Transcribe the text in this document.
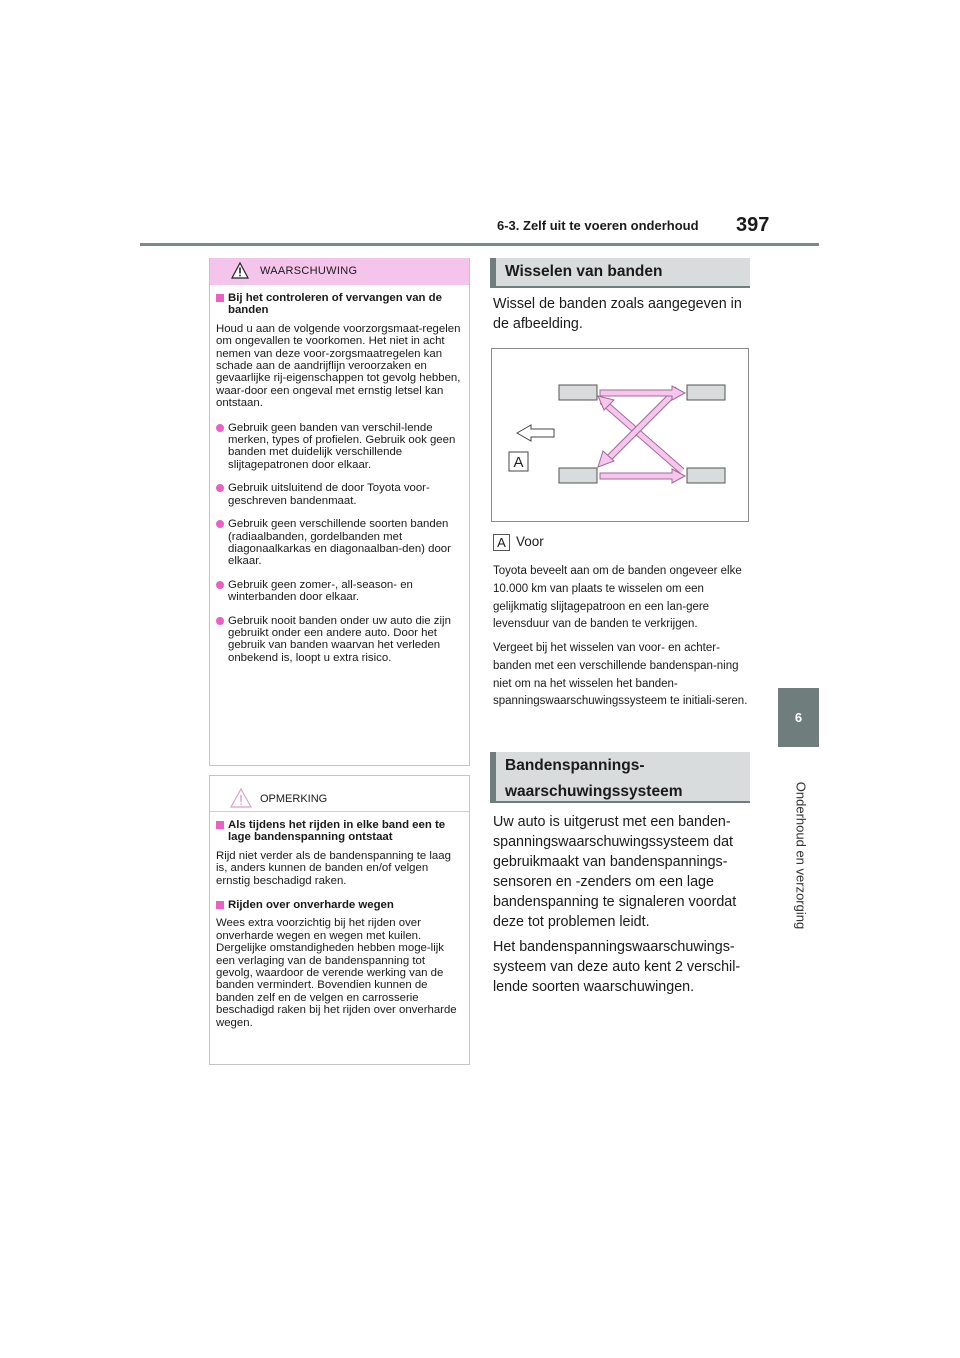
6-3. Zelf uit te voeren onderhoud 397
6
Onderhoud en verzorging
WAARSCHUWING
Bij het controleren of vervangen van de banden
Houd u aan de volgende voorzorgsmaat-regelen om ongevallen te voorkomen. Het niet in acht nemen van deze voor-zorgsmaatregelen kan schade aan de aandrijflijn veroorzaken en gevaarlijke rij-eigenschappen tot gevolg hebben, waar-door een ongeval met ernstig letsel kan ontstaan.
Gebruik geen banden van verschil-lende merken, types of profielen. Gebruik ook geen banden met duidelijk verschillende slijtagepatronen door elkaar.
Gebruik uitsluitend de door Toyota voor-geschreven bandenmaat.
Gebruik geen verschillende soorten banden (radiaalbanden, gordelbanden met diagonaalkarkas en diagonaalban-den) door elkaar.
Gebruik geen zomer-, all-season- en winterbanden door elkaar.
Gebruik nooit banden onder uw auto die zijn gebruikt onder een andere auto. Door het gebruik van banden waarvan het verleden onbekend is, loopt u extra risico.
OPMERKING
Als tijdens het rijden in elke band een te lage bandenspanning ontstaat
Rijd niet verder als de bandenspanning te laag is, anders kunnen de banden en/of velgen ernstig beschadigd raken.
Rijden over onverharde wegen
Wees extra voorzichtig bij het rijden over onverharde wegen en wegen met kuilen. Dergelijke omstandigheden hebben moge-lijk een verlaging van de bandenspanning tot gevolg, waardoor de verende werking van de banden vermindert. Bovendien kunnen de banden zelf en de velgen en carrosserie beschadigd raken bij het rijden over onverharde wegen.
Wisselen van banden
Wissel de banden zoals aangegeven in de afbeelding.
A
A Voor
Toyota beveelt aan om de banden ongeveer elke 10.000 km van plaats te wisselen om een gelijkmatig slijtagepatroon en een lan-gere levensduur van de banden te verkrijgen.
Vergeet bij het wisselen van voor- en achter-banden met een verschillende bandenspan-ning niet om na het wisselen het banden-spanningswaarschuwingssysteem te initiali-seren.
Bandenspannings-
waarschuwingssysteem
Uw auto is uitgerust met een banden-spanningswaarschuwingssysteem dat gebruikmaakt van bandenspannings-sensoren en -zenders om een lage bandenspanning te signaleren voordat deze tot problemen leidt.
Het bandenspanningswaarschuwings-systeem van deze auto kent 2 verschil-lende soorten waarschuwingen.
